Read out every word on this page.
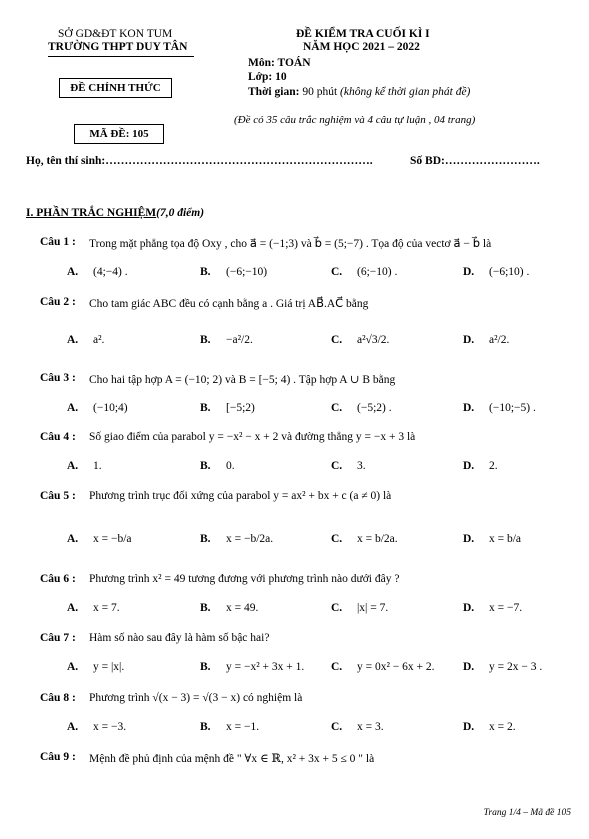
SỞ GD&ĐT KON TUM
TRƯỜNG THPT DUY TÂN
ĐỀ CHÍNH THỨC
MÃ ĐỀ: 105
ĐỀ KIỂM TRA CUỐI KÌ I
NĂM HỌC 2021 – 2022
Môn: TOÁN
Lớp: 10
Thời gian: 90 phút (không kể thời gian phát đề)
(Đề có 35 câu trắc nghiệm và 4 câu tự luận , 04 trang)
Họ, tên thí sinh:…………………………………………………………….	Số BD:…………………….
I. PHẦN TRẮC NGHIỆM(7,0 điểm)
Câu 1 : Trong mặt phẳng tọa độ Oxy , cho a⃗ = (−1;3) và b⃗ = (5;−7) . Tọa độ của vectơ a⃗ − b⃗ là
A. (4;−4) .	B. (−6;−10)	C. (6;−10) .	D. (−6;10) .
Câu 2 : Cho tam giác ABC đều có cạnh bằng a . Giá trị AB⃗.AC⃗ bằng
A. a².	B. −a²/2.	C. a²√3/2.	D. a²/2.
Câu 3 : Cho hai tập hợp A = (−10; 2) và B = [−5; 4) . Tập hợp A ∪ B bằng
A. (−10;4)	B. [−5;2)	C. (−5;2) .	D. (−10;−5) .
Câu 4 : Số giao điểm của parabol y = −x² − x + 2 và đường thẳng y = −x + 3 là
A. 1.	B. 0.	C. 3.	D. 2.
Câu 5 : Phương trình trục đối xứng của parabol y = ax² + bx + c (a ≠ 0) là
A. x = −b/a	B. x = −b/2a.	C. x = b/2a.	D. x = b/a
Câu 6 : Phương trình x² = 49 tương đương với phương trình nào dưới đây ?
A. x = 7.	B. x = 49.	C. |x| = 7.	D. x = −7.
Câu 7 : Hàm số nào sau đây là hàm số bậc hai?
A. y = |x|.	B. y = −x² + 3x + 1. C. y = 0x² − 6x + 2. D. y = 2x − 3 .
Câu 8 : Phương trình √(x − 3) = √(3 − x) có nghiệm là
A. x = −3.	B. x = −1.	C. x = 3.	D. x = 2.
Câu 9 : Mệnh đề phủ định của mệnh đề " ∀x ∈ ℝ, x² + 3x + 5 ≤ 0 " là
Trang 1/4 – Mã đề 105
